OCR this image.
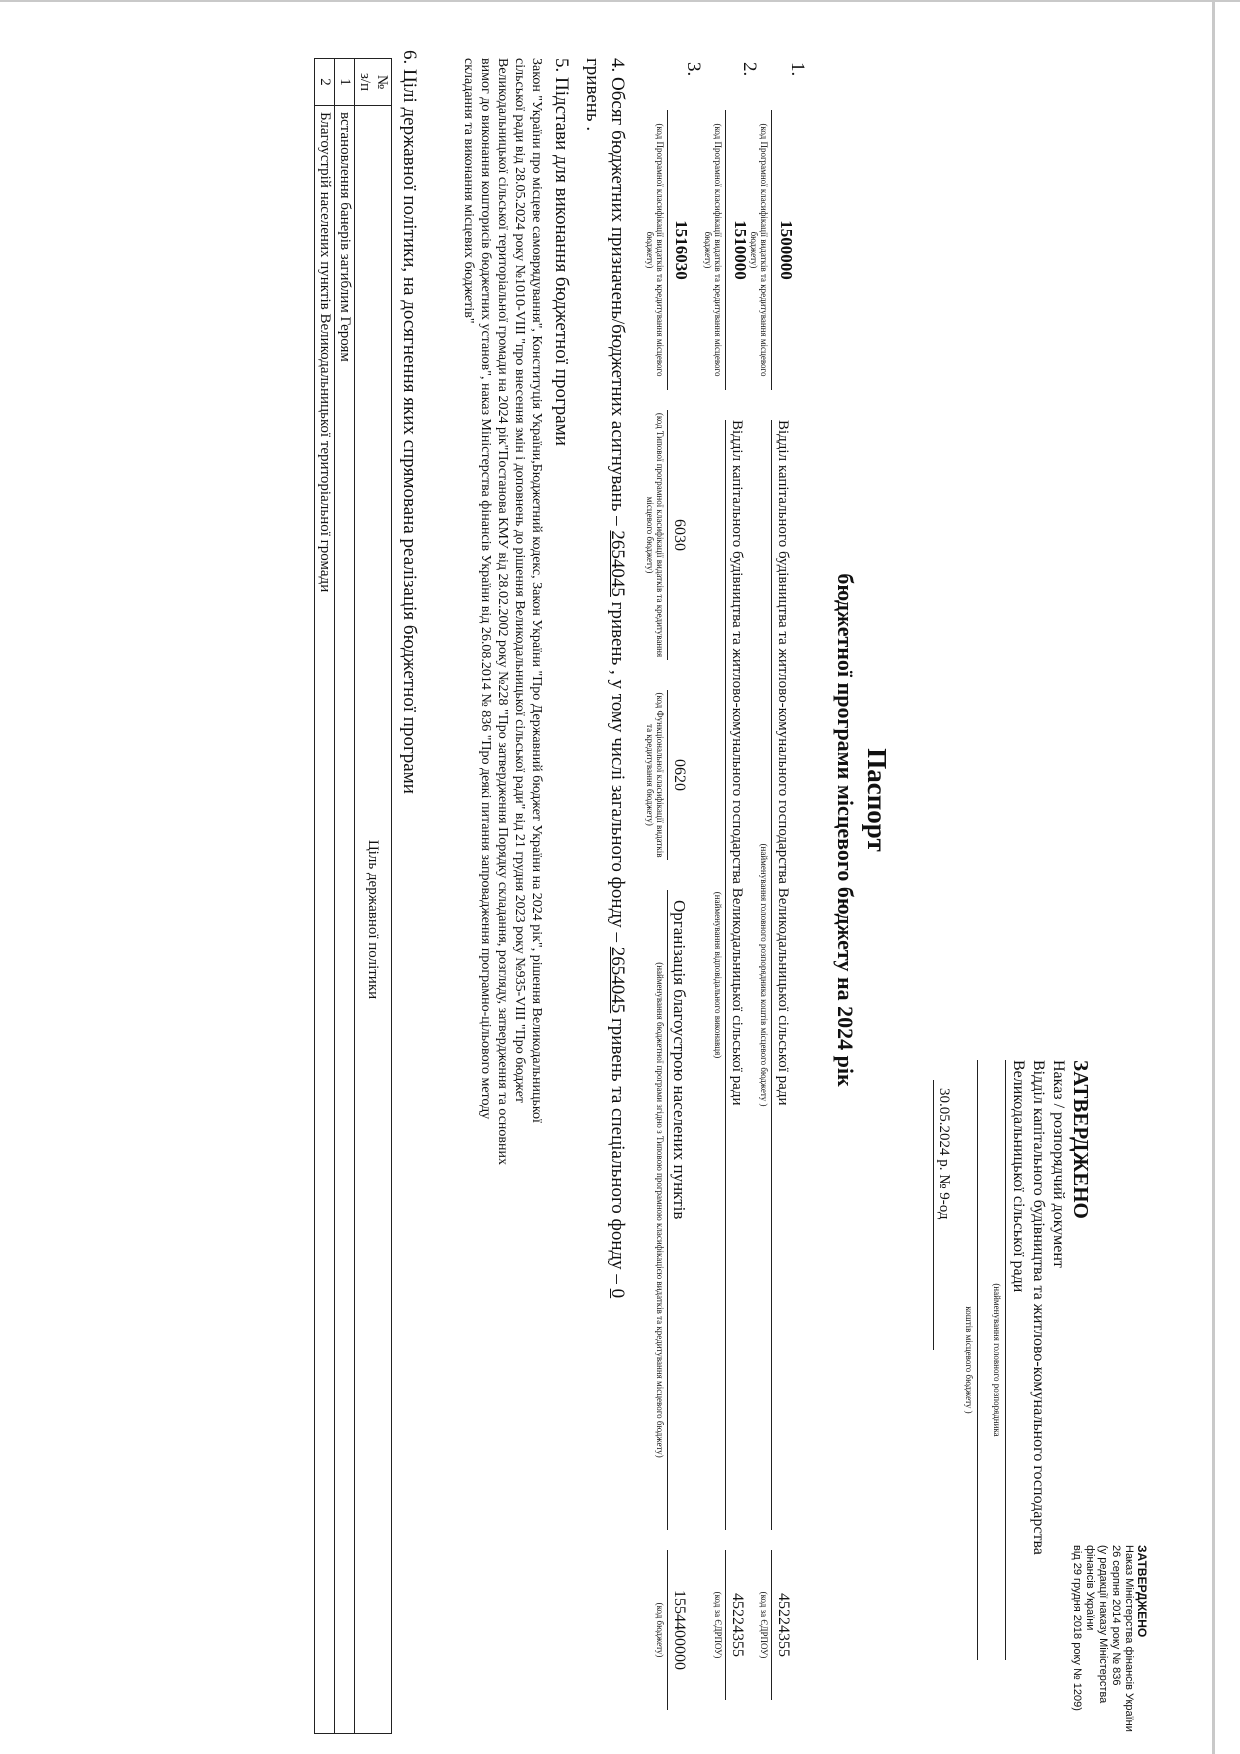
ЗАТВЕРДЖЕНО
Наказ Міністерства фінансів України
26 серпня 2014 року № 836
(у редакції наказу Міністерства фінансів України
від 29 грудня 2018 року № 1209)
ЗАТВЕРДЖЕНО
Наказ / розпорядчий документ
Відділ капітального будівництва та житлово-комунального господарства
Великодальницької сільської ради
(найменування головного розпорядника
коштів місцевого бюджету )
30.05.2024 р. № 9-од
Паспорт
бюджетної програми місцевого бюджету на 2024 рік
1.
1500000
(код Програмної класифікації видатків та кредитування місцевого бюджету)
Відділ капітального будівництва та житлово-комунального господарства Великодальницької сільської ради
(найменування головного розпорядника коштів місцевого бюджету )
45224355
(код за ЄДРПОУ)
2.
1510000
(код Програмної класифікації видатків та кредитування місцевого бюджету)
Відділ капітального будівництва та житлово-комунального господарства Великодальницької сільської ради
(найменування відповідального виконавця)
45224355
(код за ЄДРПОУ)
3.
1516030
(код Програмної класифікації видатків та кредитування місцевого бюджету)
6030
(код Типової програмної класифікації видатків та кредитування місцевого бюджету)
0620
(код Функціональної класифікації видатків та кредитування бюджету)
Організація благоустрою населених пунктів
(найменування бюджетної програми згідно з Типовою програмною класифікацією видатків та кредитування місцевого бюджету)
1554400000
(код бюджету)
4. Обсяг бюджетних призначень/бюджетних асигнувань – 2654045 гривень , у тому числі загального фонду – 2654045 гривень та спеціального фонду – 0
гривень .
5. Підстави для виконання бюджетної програми
Закон "України про місцеве самоврядування", Конституція України,Бюджетний кодекс, Закон України "Про Державний бюджет України на 2024 рік", рішення Великодальницької
сільської ради від 28.05.2024 року №1010-VIII "про внесення змін і доповнень до рішення Великодальницької сільської ради" від 21 грудня 2023 року №935-VIII "Про бюджет
Великодальницької сільської територіальної громади на 2024 рік"Постанова КМУ від 28.02.2002 року №228 "Про затвердження Порядку складання, розгляду, затвердження та основних
вимог до виконання кошторисів бюджетних установ", наказ Міністерства фінансів України від 26.08.2014 № 836 "Про деякі питання запровадження програмно-цільового методу
складання та виконання місцевих бюджетів"
6. Цілі державної політики, на досягнення яких спрямована реалізація бюджетної програми
№
з/п	Ціль державної політики
1	встановлення банерів загиблим Героям
2	Благоустрій населених пунктів Великодальницької територіальної громади
